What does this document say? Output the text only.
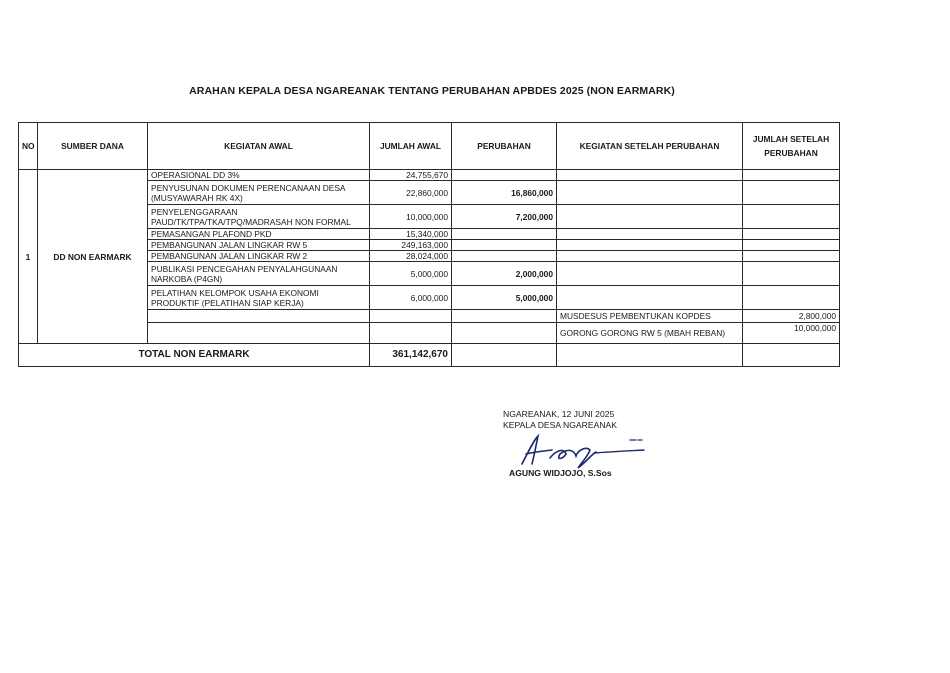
ARAHAN KEPALA DESA NGAREANAK TENTANG PERUBAHAN APBDES 2025 (NON EARMARK)
NO	SUMBER DANA	KEGIATAN AWAL	JUMLAH AWAL	PERUBAHAN	KEGIATAN SETELAH PERUBAHAN	JUMLAH SETELAH PERUBAHAN
1	DD NON EARMARK	OPERASIONAL DD 3%	24,755,670			
		PENYUSUNAN DOKUMEN PERENCANAAN DESA (MUSYAWARAH RK 4X)	22,860,000	16,860,000		
		PENYELENGGARAAN PAUD/TK/TPA/TKA/TPQ/MADRASAH NON FORMAL	10,000,000	7,200,000		
		PEMASANGAN PLAFOND PKD	15,340,000			
		PEMBANGUNAN JALAN LINGKAR RW 5	249,163,000			
		PEMBANGUNAN JALAN LINGKAR RW 2	28,024,000			
		PUBLIKASI PENCEGAHAN PENYALAHGUNAAN NARKOBA (P4GN)	5,000,000	2,000,000		
		PELATIHAN KELOMPOK USAHA EKONOMI PRODUKTIF (PELATIHAN SIAP KERJA)	6,000,000	5,000,000		
					MUSDESUS PEMBENTUKAN KOPDES	2,800,000
					GORONG GORONG RW 5 (MBAH REBAN)	10,000,000
TOTAL NON EARMARK			361,142,670			
NGAREANAK, 12 JUNI 2025
KEPALA DESA NGAREANAK
AGUNG WIDJOJO, S.Sos
